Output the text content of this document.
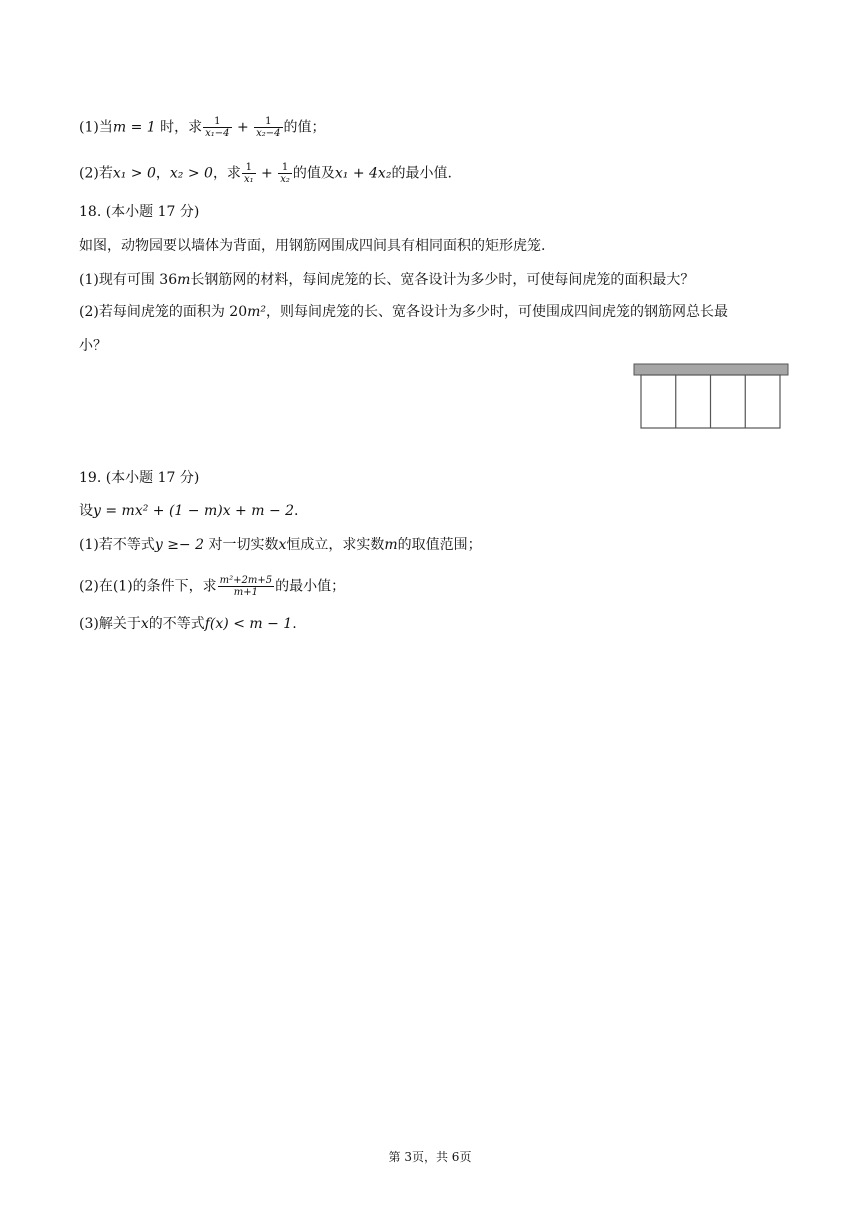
(1)当m = 1 时，求 $\frac{1}{\text{x₁−4}} + \frac{1}{\text{x₂−4}}$ 的值；
(2)若x₁ > 0，x₂ > 0，求 $\frac{1}{\text{x₁}} + \frac{1}{\text{x₂}}$ 的值及x₁ + 4x₂的最小值.
18. (本小题 17 分)
如图，动物园要以墙体为背面，用钢筋网围成四间具有相同面积的矩形虎笼.
(1)现有可围 36m长钢筋网的材料，每间虎笼的长、宽各设计为多少时，可使每间虎笼的面积最大？
(2)若每间虎笼的面积为 20m²，则每间虎笼的长、宽各设计为多少时，可使围成四间虎笼的钢筋网总长最
小？
19. (本小题 17 分)
设y = mx² + (1 − m)x + m − 2.
(1)若不等式y ≥− 2 对一切实数x恒成立，求实数m的取值范围；
(2)在(1)的条件下，求 $\frac{\text{m²+2m+5}}{m+1}$ 的最小值；
(3)解关于x的不等式f(x) < m − 1.
第 3页，共 6页
